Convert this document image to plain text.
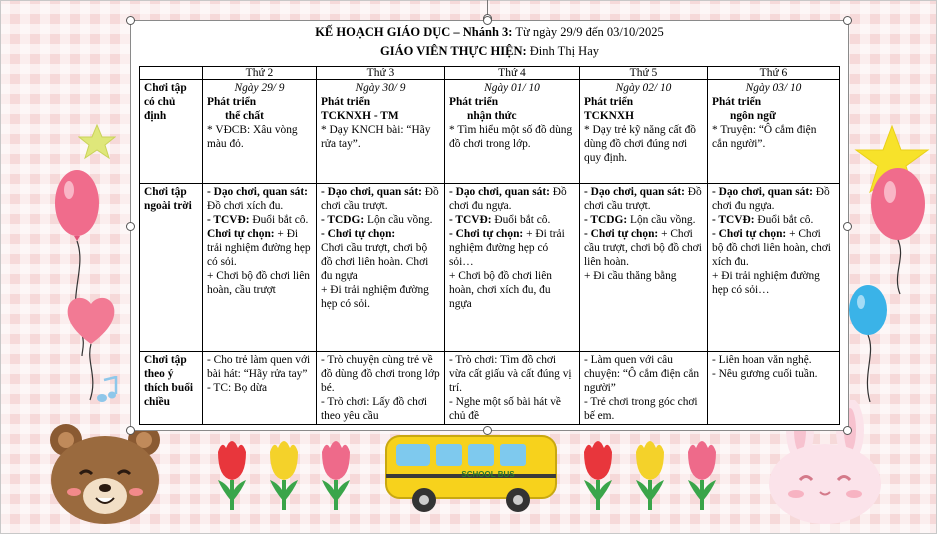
SCHOOL BUS
KẾ HOẠCH GIÁO DỤC – Nhánh 3: Từ ngày 29/9 đến 03/10/2025
GIÁO VIÊN THỰC HIỆN: Đinh Thị Hay
	Thứ 2	Thứ 3	Thứ 4	Thứ 5	Thứ 6
Chơi tập có chủ định	Ngày 29/ 9
Phát triển
thể chất
* VĐCB: Xâu vòng màu đỏ.	Ngày 30/ 9
Phát triển
TCKNXH - TM
* Dạy KNCH bài: “Hãy rửa tay”.	Ngày 01/ 10
Phát triển
nhận thức
* Tìm hiểu một số đồ dùng đồ chơi trong lớp.	Ngày 02/ 10
Phát triển
TCKNXH
* Dạy trẻ kỹ năng cất đồ dùng đồ chơi đúng nơi quy định.	Ngày 03/ 10
Phát triển
ngôn ngữ
* Truyện: “Ô cắm điện cắn người”.

Chơi tập ngoài trời	- Dạo chơi, quan sát: Đồ chơi xích đu.
- TCVĐ: Đuổi bắt cô.
Chơi tự chọn: + Đi trải nghiệm đường hẹp có sỏi.
+ Chơi bộ đồ chơi liên hoàn, cầu trượt	- Dạo chơi, quan sát: Đồ chơi cầu trượt.
- TCDG: Lộn cầu vồng.
- Chơi tự chọn:
Chơi cầu trượt, chơi bộ đồ chơi liên hoàn. Chơi đu ngựa
+ Đi trải nghiệm đường hẹp có sỏi.	- Dạo chơi, quan sát: Đồ chơi đu ngựa.
- TCVĐ: Đuổi bắt cô.
- Chơi tự chọn: + Đi trải nghiệm đường hẹp có sỏi…
+ Chơi bộ đồ chơi liên hoàn, chơi xích đu, đu ngựa	- Dạo chơi, quan sát: Đồ chơi cầu trượt.
- TCDG: Lộn cầu vồng.
- Chơi tự chọn: + Chơi cầu trượt, chơi bộ đồ chơi liên hoàn.
+ Đi cầu thăng bằng	- Dạo chơi, quan sát: Đồ chơi đu ngựa.
- TCVĐ: Đuổi bắt cô.
- Chơi tự chọn: + Chơi bộ đồ chơi liên hoàn, chơi xích đu.
+ Đi trải nghiệm đường hẹp có sỏi…

Chơi tập theo ý thích buổi chiều	- Cho trẻ làm quen với bài hát: “Hãy rửa tay”
- TC: Bọ dừa	- Trò chuyện cùng trẻ về đồ dùng đồ chơi trong lớp bé.
- Trò chơi: Lấy đồ chơi theo yêu cầu	- Trò chơi: Tìm đồ chơi vừa cất giấu và cất đúng vị trí.
- Nghe một số bài hát về chủ đề	- Làm quen với câu chuyện: “Ô cắm điện cắn người”
- Trẻ chơi trong góc chơi bế em.	- Liên hoan văn nghệ.
- Nêu gương cuối tuần.
